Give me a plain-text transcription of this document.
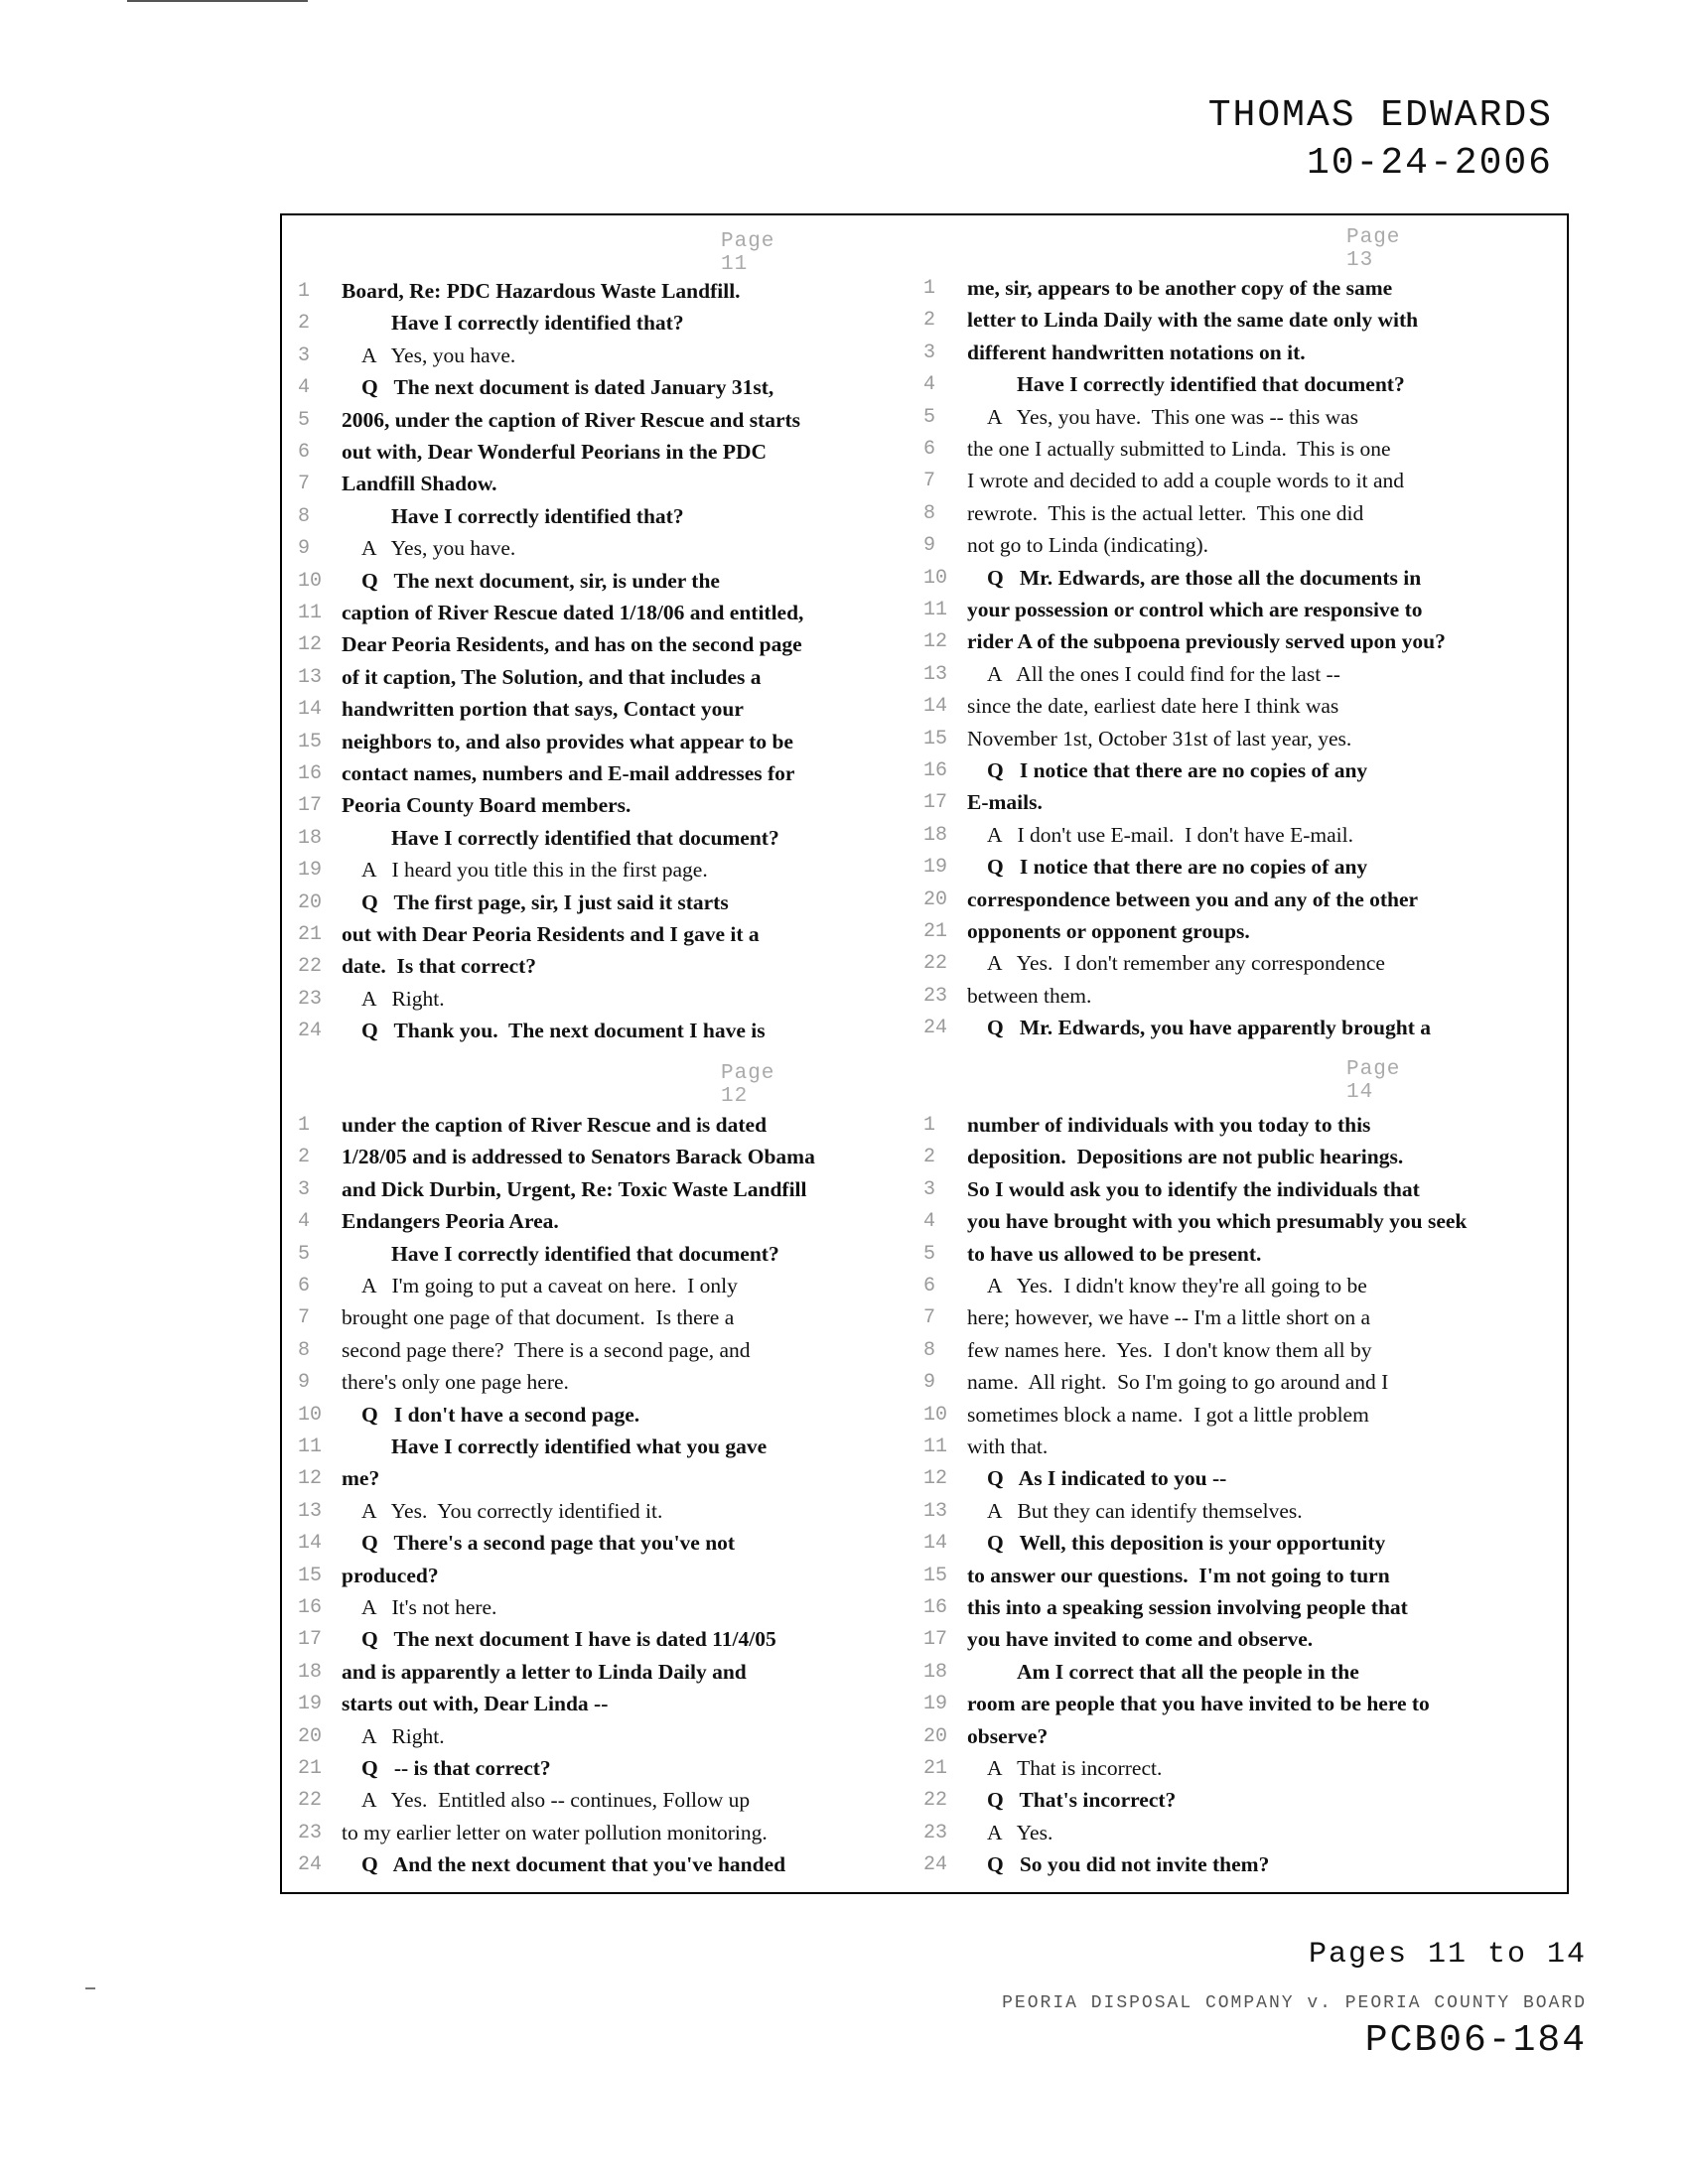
THOMAS EDWARDS
10-24-2006
Page 11
1	Board, Re: PDC Hazardous Waste Landfill.
2	Have I correctly identified that?
3	A   Yes, you have.
4	Q   The next document is dated January 31st,
5	2006, under the caption of River Rescue and starts
6	out with, Dear Wonderful Peorians in the PDC
7	Landfill Shadow.
8	Have I correctly identified that?
9	A   Yes, you have.
10 Q   The next document, sir, is under the
11 caption of River Rescue dated 1/18/06 and entitled,
12 Dear Peoria Residents, and has on the second page
13 of it caption, The Solution, and that includes a
14 handwritten portion that says, Contact your
15 neighbors to, and also provides what appear to be
16 contact names, numbers and E-mail addresses for
17 Peoria County Board members.
18	Have I correctly identified that document?
19 A   I heard you title this in the first page.
20 Q   The first page, sir, I just said it starts
21 out with Dear Peoria Residents and I gave it a
22 date.  Is that correct?
23 A   Right.
24 Q   Thank you.  The next document I have is
Page 13
1	me, sir, appears to be another copy of the same
2	letter to Linda Daily with the same date only with
3	different handwritten notations on it.
4	Have I correctly identified that document?
5	A   Yes, you have.  This one was -- this was
6	the one I actually submitted to Linda.  This is one
7	I wrote and decided to add a couple words to it and
8	rewrote.  This is the actual letter.  This one did
9	not go to Linda (indicating).
10 Q   Mr. Edwards, are those all the documents in
11 your possession or control which are responsive to
12 rider A of the subpoena previously served upon you?
13 A   All the ones I could find for the last --
14 since the date, earliest date here I think was
15 November 1st, October 31st of last year, yes.
16 Q   I notice that there are no copies of any
17 E-mails.
18 A   I don't use E-mail.  I don't have E-mail.
19 Q   I notice that there are no copies of any
20 correspondence between you and any of the other
21 opponents or opponent groups.
22 A   Yes.  I don't remember any correspondence
23 between them.
24 Q   Mr. Edwards, you have apparently brought a
Page 12
1	under the caption of River Rescue and is dated
2	1/28/05 and is addressed to Senators Barack Obama
3	and Dick Durbin, Urgent, Re: Toxic Waste Landfill
4	Endangers Peoria Area.
5	Have I correctly identified that document?
6	A   I'm going to put a caveat on here.  I only
7	brought one page of that document.  Is there a
8	second page there?  There is a second page, and
9	there's only one page here.
10 Q   I don't have a second page.
11	Have I correctly identified what you gave
12 me?
13 A   Yes.  You correctly identified it.
14 Q   There's a second page that you've not
15 produced?
16 A   It's not here.
17 Q   The next document I have is dated 11/4/05
18 and is apparently a letter to Linda Daily and
19 starts out with, Dear Linda --
20 A   Right.
21 Q   -- is that correct?
22 A   Yes.  Entitled also -- continues, Follow up
23 to my earlier letter on water pollution monitoring.
24 Q   And the next document that you've handed
Page 14
1	number of individuals with you today to this
2	deposition.  Depositions are not public hearings.
3	So I would ask you to identify the individuals that
4	you have brought with you which presumably you seek
5	to have us allowed to be present.
6	A   Yes.  I didn't know they're all going to be
7	here; however, we have -- I'm a little short on a
8	few names here.  Yes.  I don't know them all by
9	name.  All right.  So I'm going to go around and I
10 sometimes block a name.  I got a little problem
11 with that.
12 Q   As I indicated to you --
13 A   But they can identify themselves.
14 Q   Well, this deposition is your opportunity
15 to answer our questions.  I'm not going to turn
16 this into a speaking session involving people that
17 you have invited to come and observe.
18	Am I correct that all the people in the
19 room are people that you have invited to be here to
20 observe?
21 A   That is incorrect.
22 Q   That's incorrect?
23 A   Yes.
24 Q   So you did not invite them?
Pages 11 to 14
PEORIA DISPOSAL COMPANY v. PEORIA COUNTY BOARD
PCB06-184
